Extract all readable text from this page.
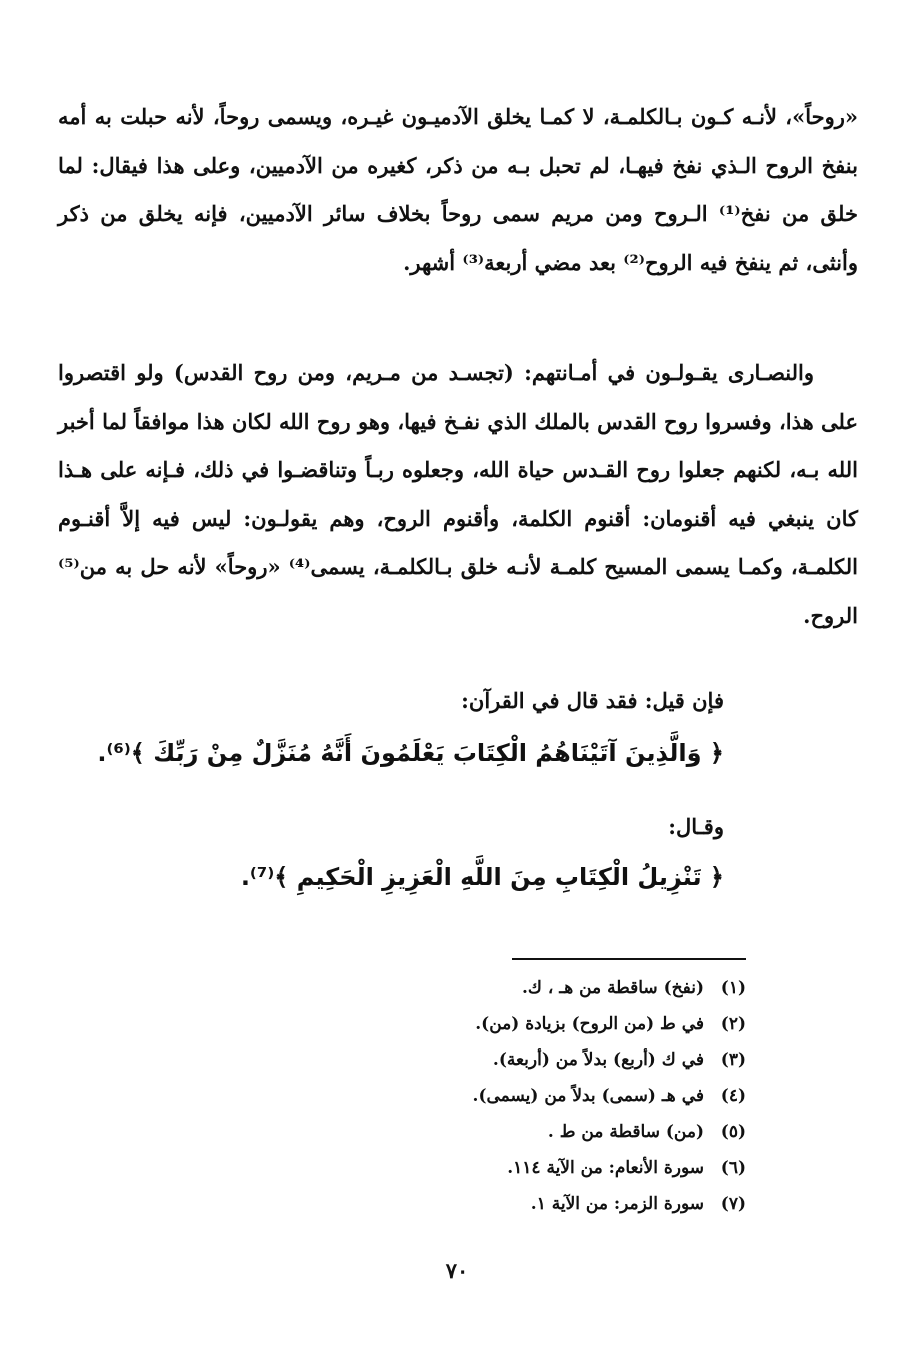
«روحاً»، لأنـه كـون بـالكلمـة، لا كمـا يخلق الآدميـون غيـره، ويسمى روحاً، لأنه حبلت به أمه بنفخ الروح الـذي نفخ فيهـا، لم تحبل بـه من ذكر، كغيره من الآدميين، وعلى هذا فيقال: لما خلق من نفخ⁽¹⁾ الـروح ومن مريم سمى روحاً بخلاف سائر الآدميين، فإنه يخلق من ذكر وأنثى، ثم ينفخ فيه الروح⁽²⁾ بعد مضي أربعة⁽³⁾ أشهر.

والنصـارى يقـولـون في أمـانتهم: (تجسـد من مـريم، ومن روح القدس) ولو اقتصروا على هذا، وفسروا روح القدس بالملك الذي نفـخ فيها، وهو روح الله لكان هذا موافقاً لما أخبر الله بـه، لكنهم جعلوا روح القـدس حياة الله، وجعلوه ربـاً وتناقضـوا في ذلك، فـإنه على هـذا كان ينبغي فيه أقنومان: أقنوم الكلمة، وأقنوم الروح، وهم يقولـون: ليس فيه إلاَّ أقنـوم الكلمـة، وكمـا يسمى المسيح كلمـة لأنـه خلق بـالكلمـة، يسمى⁽⁴⁾ «روحاً» لأنه حل به من⁽⁵⁾ الروح.

فإن قيل: فقد قال في القرآن:
﴿ وَالَّذِينَ آتَيْنَاهُمُ الْكِتَابَ يَعْلَمُونَ أَنَّهُ مُنَزَّلٌ مِنْ رَبِّكَ ﴾⁽⁶⁾.
وقـال:
﴿ تَنْزِيلُ الْكِتَابِ مِنَ اللَّهِ الْعَزِيزِ الْحَكِيمِ ﴾⁽⁷⁾.
(١)(نفخ) ساقطة من هـ ، ك.
(٢)في ط (من الروح) بزيادة (من).
(٣)في ك (أربع) بدلاً من (أربعة).
(٤)في هـ (سمى) بدلاً من (يسمى).
(٥)(من) ساقطة من ط .
(٦)سورة الأنعام: من الآية ١١٤.
(٧)سورة الزمر: من الآية ١.
٧٠
